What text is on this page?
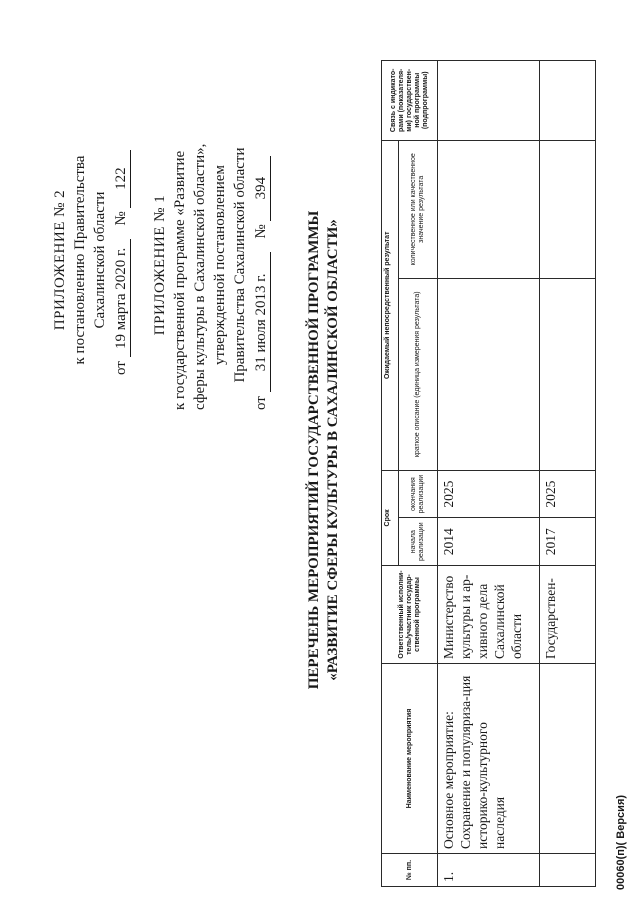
ПРИЛОЖЕНИЕ № 2 к постановлению Правительства Сахалинской области
от 19 марта 2020 г. № 122
ПРИЛОЖЕНИЕ № 1 к государственной программе «Развитие сферы культуры в Сахалинской области», утвержденной постановлением Правительства Сахалинской области
от 31 июля 2013 г. № 394
ПЕРЕЧЕНЬ МЕРОПРИЯТИЙ ГОСУДАРСТВЕННОЙ ПРОГРАММЫ «РАЗВИТИЕ СФЕРЫ КУЛЬТУРЫ В САХАЛИНСКОЙ ОБЛАСТИ»
№ пп.	Наименование мероприятия	Ответственный исполни-тель/участник государ-ственной программы	Срок		Ожидаемый непосредственный результат		Связь с индикато-рами (показателя-ми) государствен-ной программы (подпрограммы)
			начала реализации	окончания реализации	краткое описание (единица измерения результата)	количественное или качественное значение результата	
1.	Основное мероприятие: Сохранение и популяриза-ция историко-культурного наследия	Министерство культуры и ар-хивного дела Сахалинской области	2014	2025			
		Государствен-	2017	2025			
00060(п)( Версия)
